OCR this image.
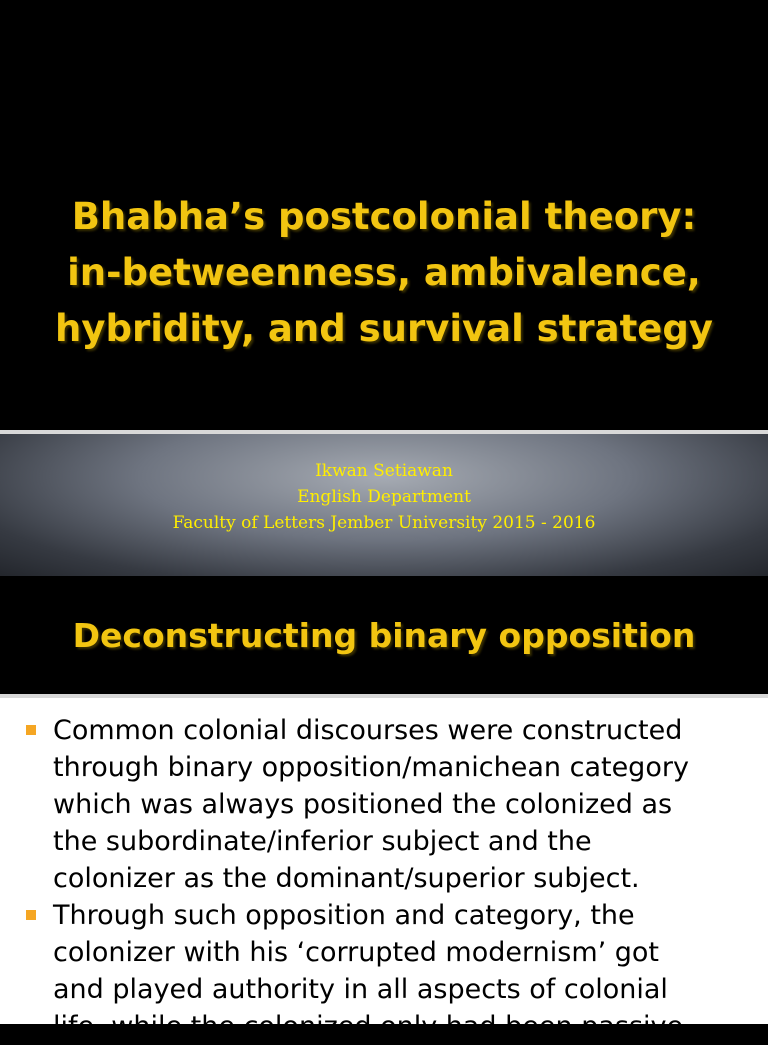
Bhabha’s postcolonial theory:
in-betweenness, ambivalence,
hybridity, and survival strategy
Ikwan Setiawan
English Department
Faculty of Letters Jember University 2015 - 2016
Deconstructing binary opposition
Common colonial discourses were constructed
through binary opposition/manichean category
which was always positioned the colonized as
the subordinate/inferior subject and the
colonizer as the dominant/superior subject.
Through such opposition and category, the
colonizer with his ‘corrupted modernism’ got
and played authority in all aspects of colonial
life, while the colonized only had been passive
